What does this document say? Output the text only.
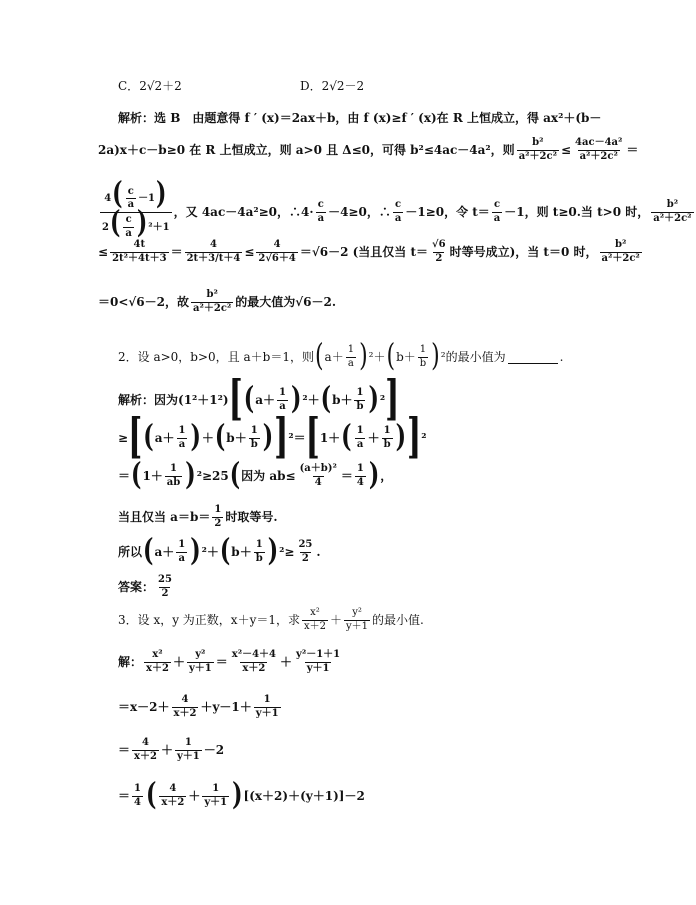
C． 2√2＋2	D． 2√2－2
解析： 选 B　由题意得 f ′ (x)＝2ax＋b，由 f (x)≥f ′ (x)在 R 上恒成立，得 ax²＋(b－
2a)x＋c－b≥0 在 R 上恒成立，则 a>0 且 Δ≤0，可得 b²≤4ac－4a²，则 $\frac{\text{b²}}{\text{a²＋2c²}} \le \frac{\text{4ac－4a²}}{\text{a²＋2c²}}$ ＝
$4( \frac{c}{a} -1)$
$2( \frac{c}{a} )^2+1$
，又 4ac－4a²≥0，∴4·
c
a －4≥0，∴
c
a －1≥0，令 t＝
c
a －1，则 t≥0.当 t>0 时，
b²
a²＋2c²
≤ $\frac{4t}{\text{2t²＋4t＋3}} = \frac{4}{2t+3/t+4} \le \frac{4}{2√6+4} =√6-2$ (当且仅当 t＝
√6
2 时等号成立)，当 t＝0 时，
b²
a²＋2c²
＝0<√6－2，故
b²
a²＋2c² 的最大值为√6－2.
2．设 a>0，b>0，且 a＋b＝1，则 ( a＋
1
a ) ²＋ ( b＋
1
b ) ² 的最小值为	.
解析： 因为(1²＋1²) [ ( a＋
1
a ) ²＋ ( b＋
1
b ) ² ]
≥ [ ( a＋
1
a ) ＋ ( b＋
1
b ) ] ² ＝ [ 1＋ ( 1
a ＋
1
b ) ] ²
＝ ( 1＋
1
ab ) ² ≥25 ( 因为 $ab\le \frac{\text{(a＋b)²}}{4}$ ＝
1
4 ) ，
当且仅当 a＝b＝
1
2 时取等号.
所以 ( a＋
1
a ) ²＋ ( b＋
1
b ) $^2 \ge \frac{25}{2}$ .
答案：
25
2
3．设 x，y 为正数，x＋y＝1，求
x²
x＋2 ＋
y²
y＋1 的最小值.
解：
x²
x＋2 ＋
y²
y＋1 ＝
x²－4＋4
x＋2 ＋
y²－1＋1
y＋1
＝x－2＋
4
x＋2 ＋y－1＋
1
y＋1
＝
4
x＋2 ＋
1
y＋1 －2
＝
1
4 ( 4
x＋2 ＋
1
y＋1 ) [(x＋2)＋(y＋1)]－2
